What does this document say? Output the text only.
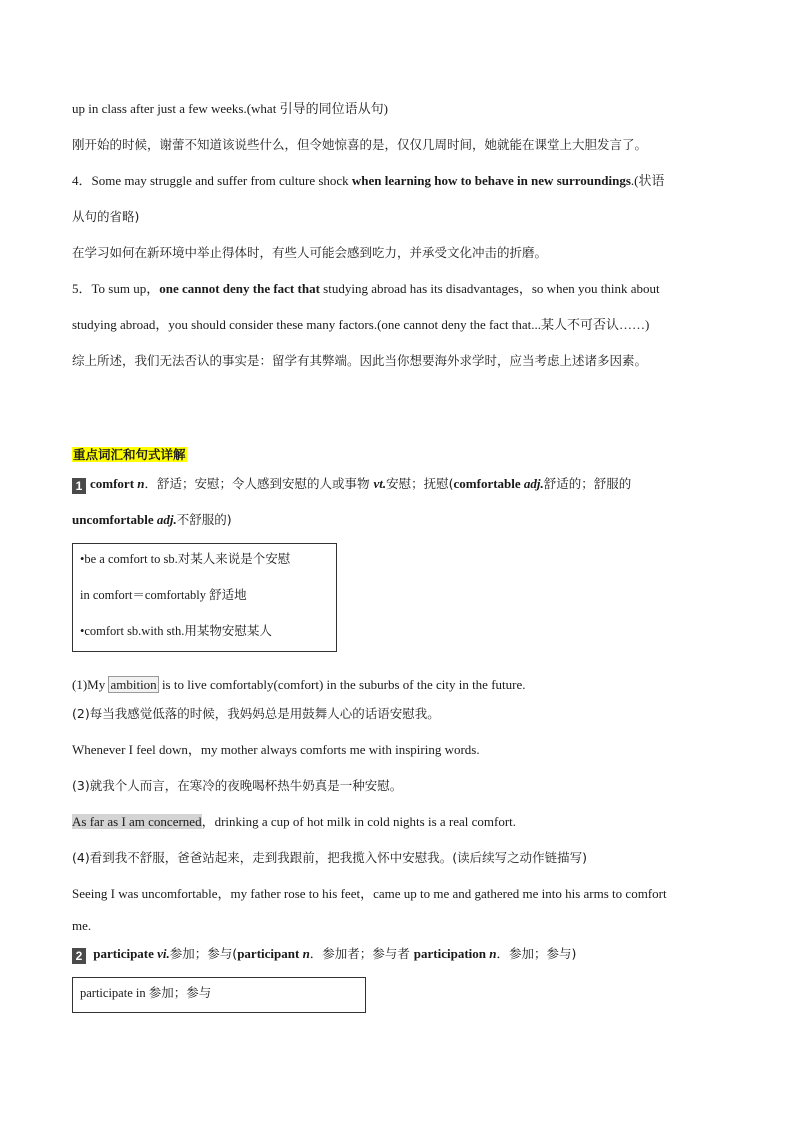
up in class after just a few weeks.(what 引导的同位语从句)
刚开始的时候，谢蕾不知道该说些什么，但令她惊喜的是，仅仅几周时间，她就能在课堂上大胆发言了。
4．Some may struggle and suffer from culture shock when learning how to behave in new surroundings.(状语
从句的省略)
在学习如何在新环境中举止得体时，有些人可能会感到吃力，并承受文化冲击的折磨。
5．To sum up，one cannot deny the fact that studying abroad has its disadvantages，so when you think about
studying abroad，you should consider these many factors.(one cannot deny the fact that...某人不可否认……)
综上所述，我们无法否认的事实是：留学有其弊端。因此当你想要海外求学时，应当考虑上述诸多因素。
重点词汇和句式详解
1 comfort n．舒适；安慰；令人感到安慰的人或事物 vt.安慰；抚慰(comfortable adj.舒适的；舒服的
uncomfortable adj.不舒服的)
•be a comfort to sb.对某人来说是个安慰
in comfort＝comfortably 舒适地
•comfort sb.with sth.用某物安慰某人
(1)My ambition is to live comfortably(comfort) in the suburbs of the city in the future.
(2)每当我感觉低落的时候，我妈妈总是用鼓舞人心的话语安慰我。
Whenever I feel down，my mother always comforts me with inspiring words.
(3)就我个人而言，在寒冷的夜晚喝杯热牛奶真是一种安慰。
As far as I am concerned，drinking a cup of hot milk in cold nights is a real comfort.
(4)看到我不舒服，爸爸站起来，走到我跟前，把我揽入怀中安慰我。(读后续写之动作链描写)
Seeing I was uncomfortable，my father rose to his feet，came up to me and gathered me into his arms to comfort
me.
2 participate vi.参加；参与(participant n．参加者；参与者 participation n．参加；参与)
participate in 参加；参与
